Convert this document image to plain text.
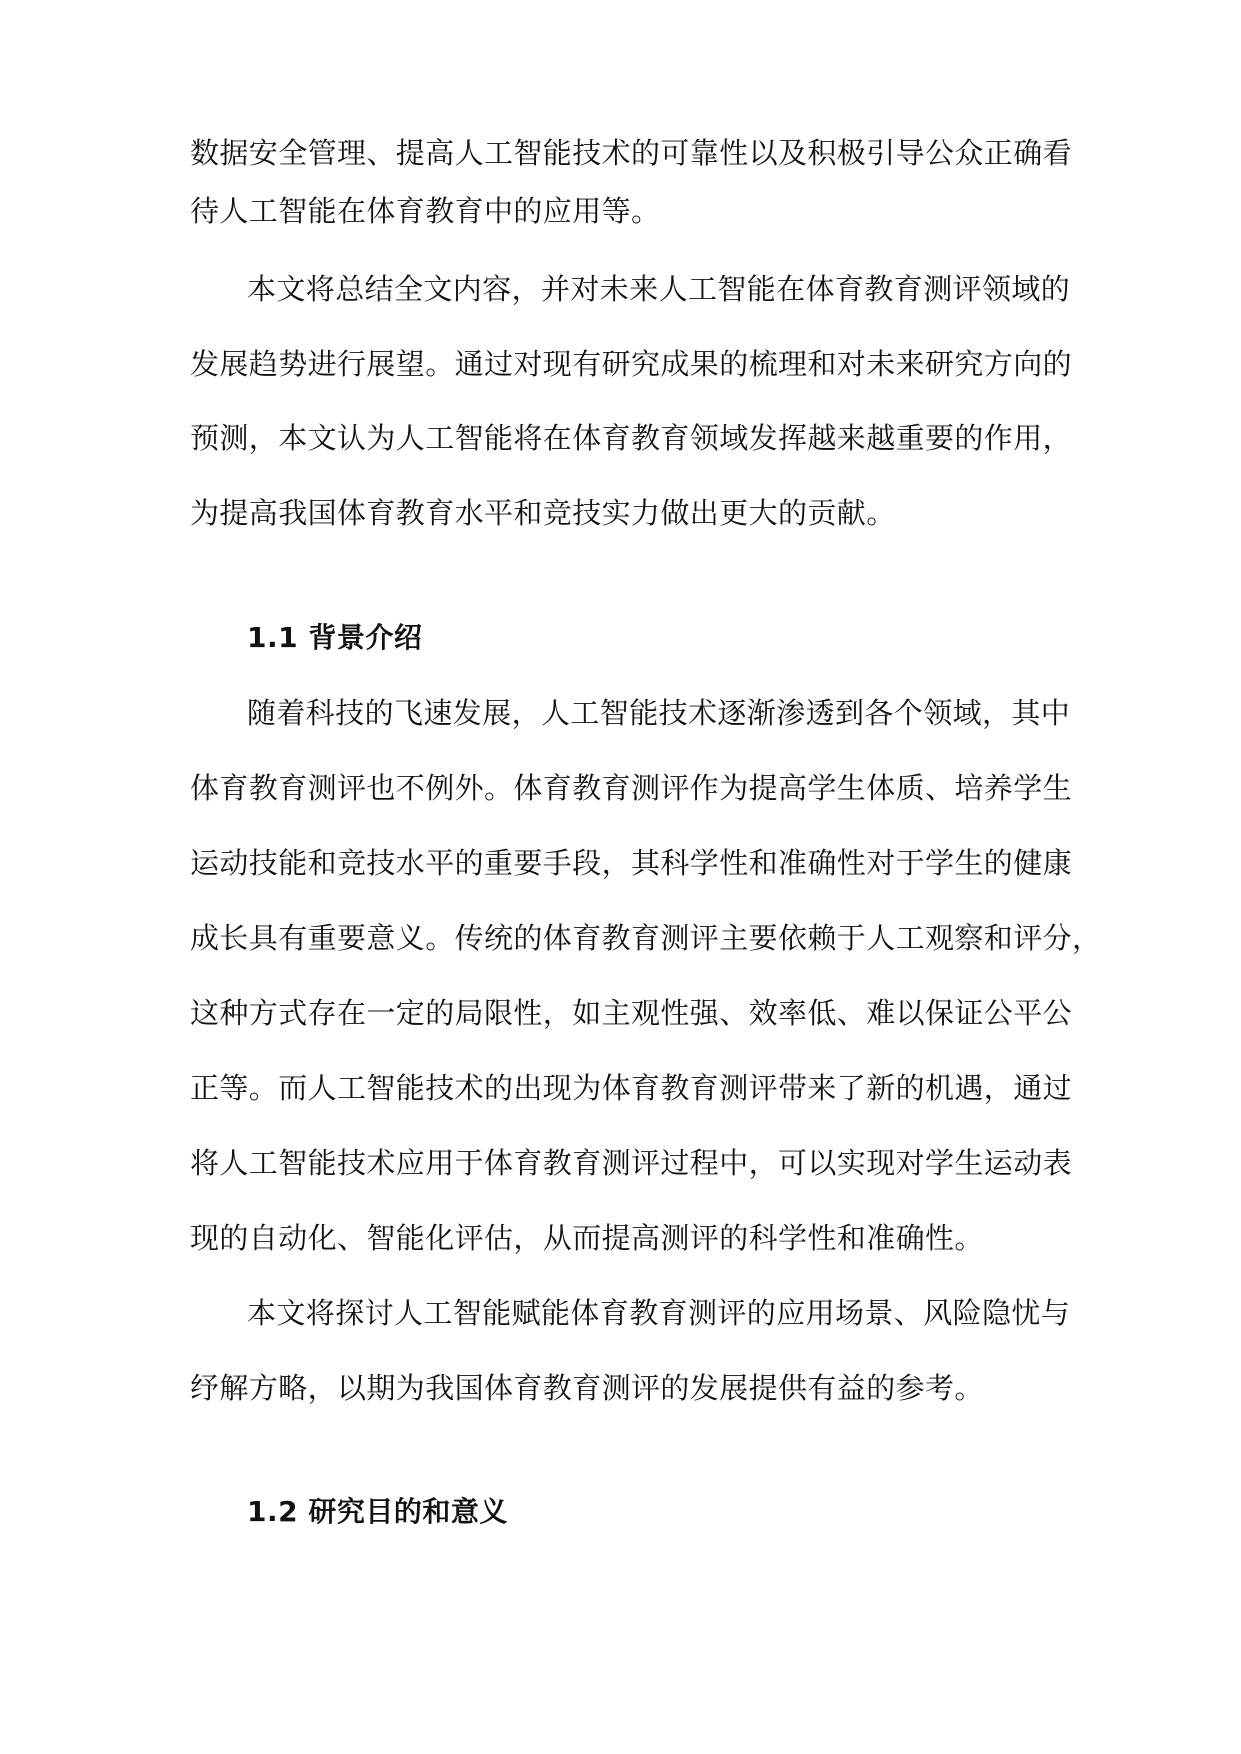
数据安全管理、提高人工智能技术的可靠性以及积极引导公众正确看
待人工智能在体育教育中的应用等。
本文将总结全文内容，并对未来人工智能在体育教育测评领域的
发展趋势进行展望。通过对现有研究成果的梳理和对未来研究方向的
预测，本文认为人工智能将在体育教育领域发挥越来越重要的作用，
为提高我国体育教育水平和竞技实力做出更大的贡献。
1.1 背景介绍
随着科技的飞速发展，人工智能技术逐渐渗透到各个领域，其中
体育教育测评也不例外。体育教育测评作为提高学生体质、培养学生
运动技能和竞技水平的重要手段，其科学性和准确性对于学生的健康
成长具有重要意义。传统的体育教育测评主要依赖于人工观察和评分，
这种方式存在一定的局限性，如主观性强、效率低、难以保证公平公
正等。而人工智能技术的出现为体育教育测评带来了新的机遇，通过
将人工智能技术应用于体育教育测评过程中，可以实现对学生运动表
现的自动化、智能化评估，从而提高测评的科学性和准确性。
本文将探讨人工智能赋能体育教育测评的应用场景、风险隐忧与
纾解方略，以期为我国体育教育测评的发展提供有益的参考。
1.2 研究目的和意义
